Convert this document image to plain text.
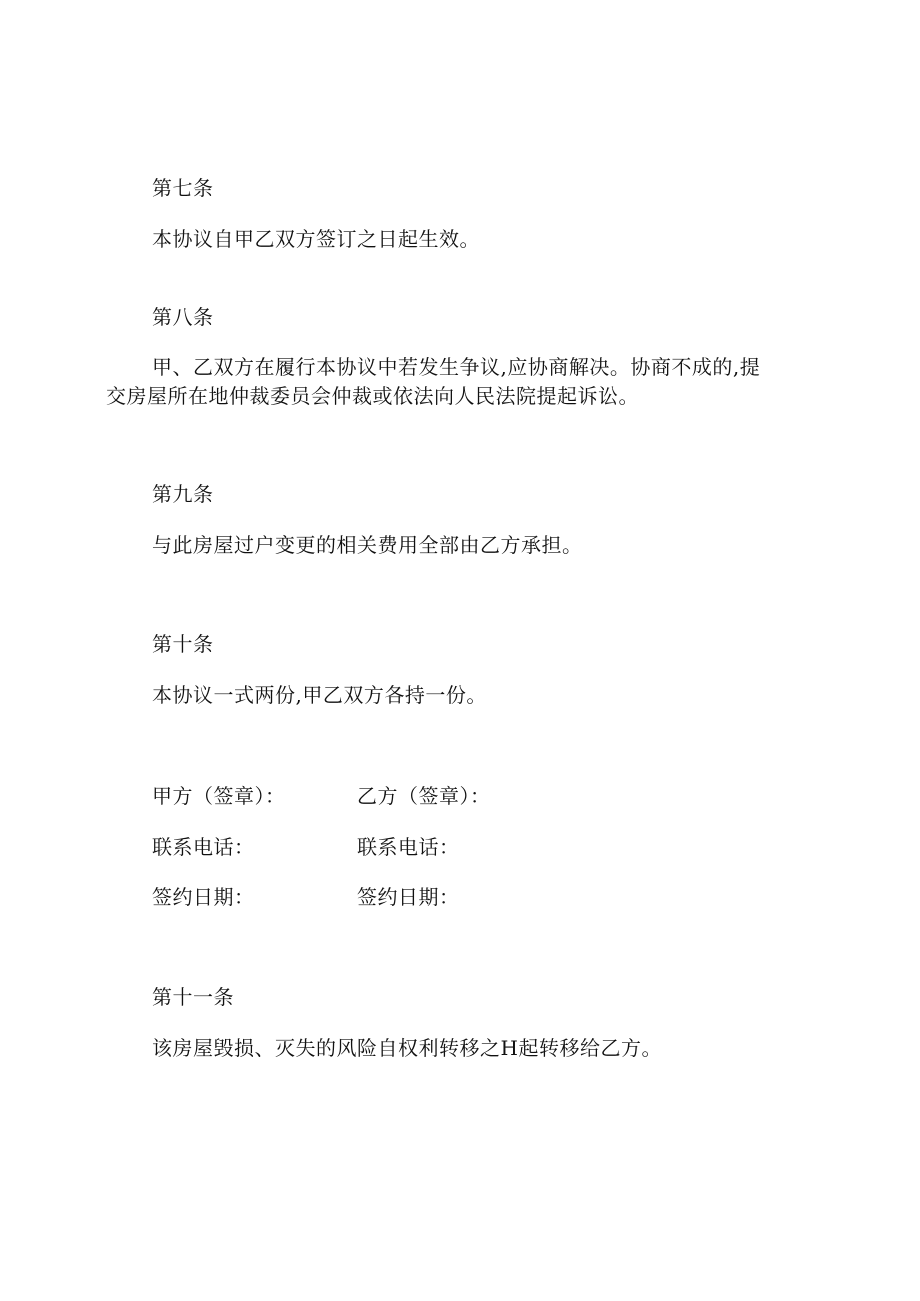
第七条
本协议自甲乙双方签订之日起生效。
第八条
甲、乙双方在履行本协议中若发生争议,应协商解决。协商不成的,提
交房屋所在地仲裁委员会仲裁或依法向人民法院提起诉讼。
第九条
与此房屋过户变更的相关费用全部由乙方承担。
第十条
本协议一式两份,甲乙双方各持一份。
甲方（签章）：	乙方（签章）：
联系电话：	联系电话：
签约日期：	签约日期：
第十一条
该房屋毁损、灭失的风险自权利转移之H起转移给乙方。
